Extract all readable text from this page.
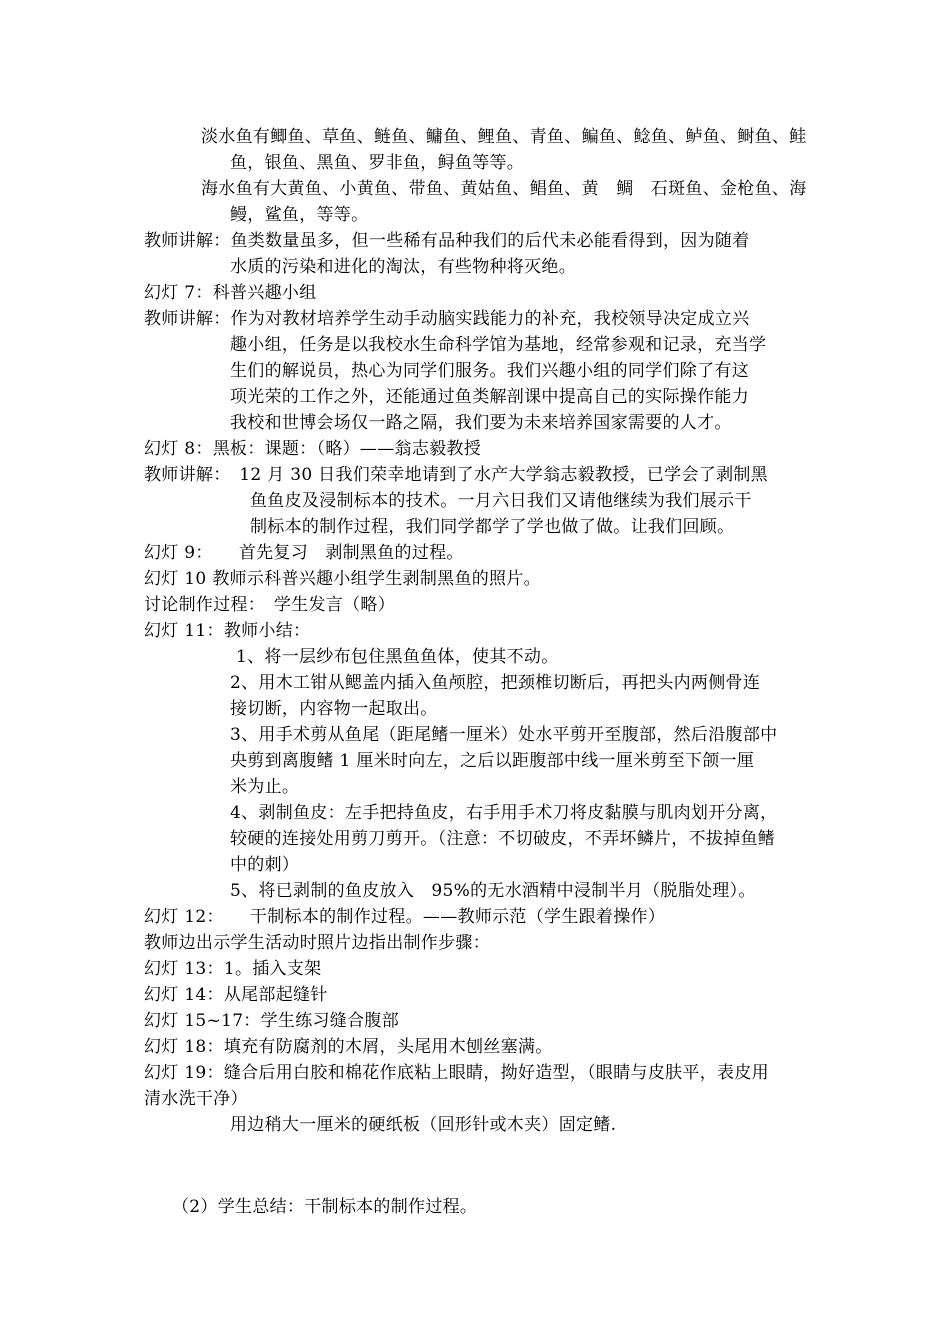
淡水鱼有鲫鱼、草鱼、鲢鱼、鳙鱼、鲤鱼、青鱼、鳊鱼、鲶鱼、鲈鱼、鲥鱼、鲑
鱼，银鱼、黑鱼、罗非鱼，鲟鱼等等。
海水鱼有大黄鱼、小黄鱼、带鱼、黄姑鱼、鲳鱼、黄　鲷　石斑鱼、金枪鱼、海
鳗，鲨鱼，等等。
教师讲解：鱼类数量虽多，但一些稀有品种我们的后代未必能看得到，因为随着
水质的污染和进化的淘汰，有些物种将灭绝。
幻灯 7：科普兴趣小组
教师讲解：作为对教材培养学生动手动脑实践能力的补充，我校领导决定成立兴
趣小组，任务是以我校水生命科学馆为基地，经常参观和记录，充当学
生们的解说员，热心为同学们服务。我们兴趣小组的同学们除了有这
项光荣的工作之外，还能通过鱼类解剖课中提高自己的实际操作能力
我校和世博会场仅一路之隔，我们要为未来培养国家需要的人才。
幻灯 8：黑板：课题：（略）——翁志毅教授
教师讲解：　12 月 30 日我们荣幸地请到了水产大学翁志毅教授，已学会了剥制黑
鱼鱼皮及浸制标本的技术。一月六日我们又请他继续为我们展示干
制标本的制作过程，我们同学都学了学也做了做。让我们回顾。
幻灯 9：　　首先复习　剥制黑鱼的过程。
幻灯 10 教师示科普兴趣小组学生剥制黑鱼的照片。
讨论制作过程：　学生发言（略）
幻灯 11：教师小结：
1、将一层纱布包住黑鱼鱼体，使其不动。
2、用木工钳从鳃盖内插入鱼颅腔，把颈椎切断后，再把头内两侧骨连
接切断，内容物一起取出。
3、用手术剪从鱼尾（距尾鳍一厘米）处水平剪开至腹部，然后沿腹部中
央剪到离腹鳍 1 厘米时向左，之后以距腹部中线一厘米剪至下颌一厘
米为止。
4、剥制鱼皮：左手把持鱼皮，右手用手术刀将皮黏膜与肌肉划开分离，
较硬的连接处用剪刀剪开。（注意：不切破皮，不弄坏鳞片，不拔掉鱼鳍
中的刺）
5、将已剥制的鱼皮放入　95%的无水酒精中浸制半月（脱脂处理）。
幻灯 12：　　干制标本的制作过程。——教师示范（学生跟着操作）
教师边出示学生活动时照片边指出制作步骤：
幻灯 13：1。插入支架
幻灯 14：从尾部起缝针
幻灯 15~17：学生练习缝合腹部
幻灯 18：填充有防腐剂的木屑，头尾用木刨丝塞满。
幻灯 19：缝合后用白胶和棉花作底粘上眼睛，拗好造型，（眼睛与皮肤平，表皮用
清水洗干净）
用边稍大一厘米的硬纸板（回形针或木夹）固定鳍.
（2）学生总结：干制标本的制作过程。
